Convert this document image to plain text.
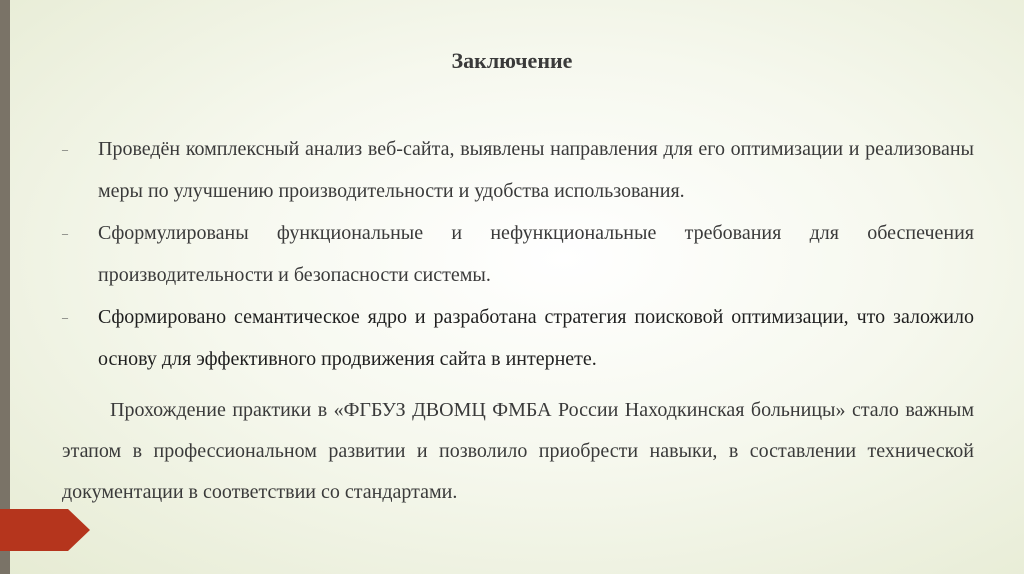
Заключение
– Проведён комплексный анализ веб-сайта, выявлены направления для его оптимизации и реализованы меры по улучшению производительности и удобства использования.
– Сформулированы функциональные и нефункциональные требования для обеспечения производительности и безопасности системы.
– Сформировано семантическое ядро и разработана стратегия поисковой оптимизации, что заложило основу для эффективного продвижения сайта в интернете.
Прохождение практики в «ФГБУЗ ДВОМЦ ФМБА России Находкинская больницы» стало важным этапом в профессиональном развитии и позволило приобрести навыки, в составлении технической документации в соответствии со стандартами.
